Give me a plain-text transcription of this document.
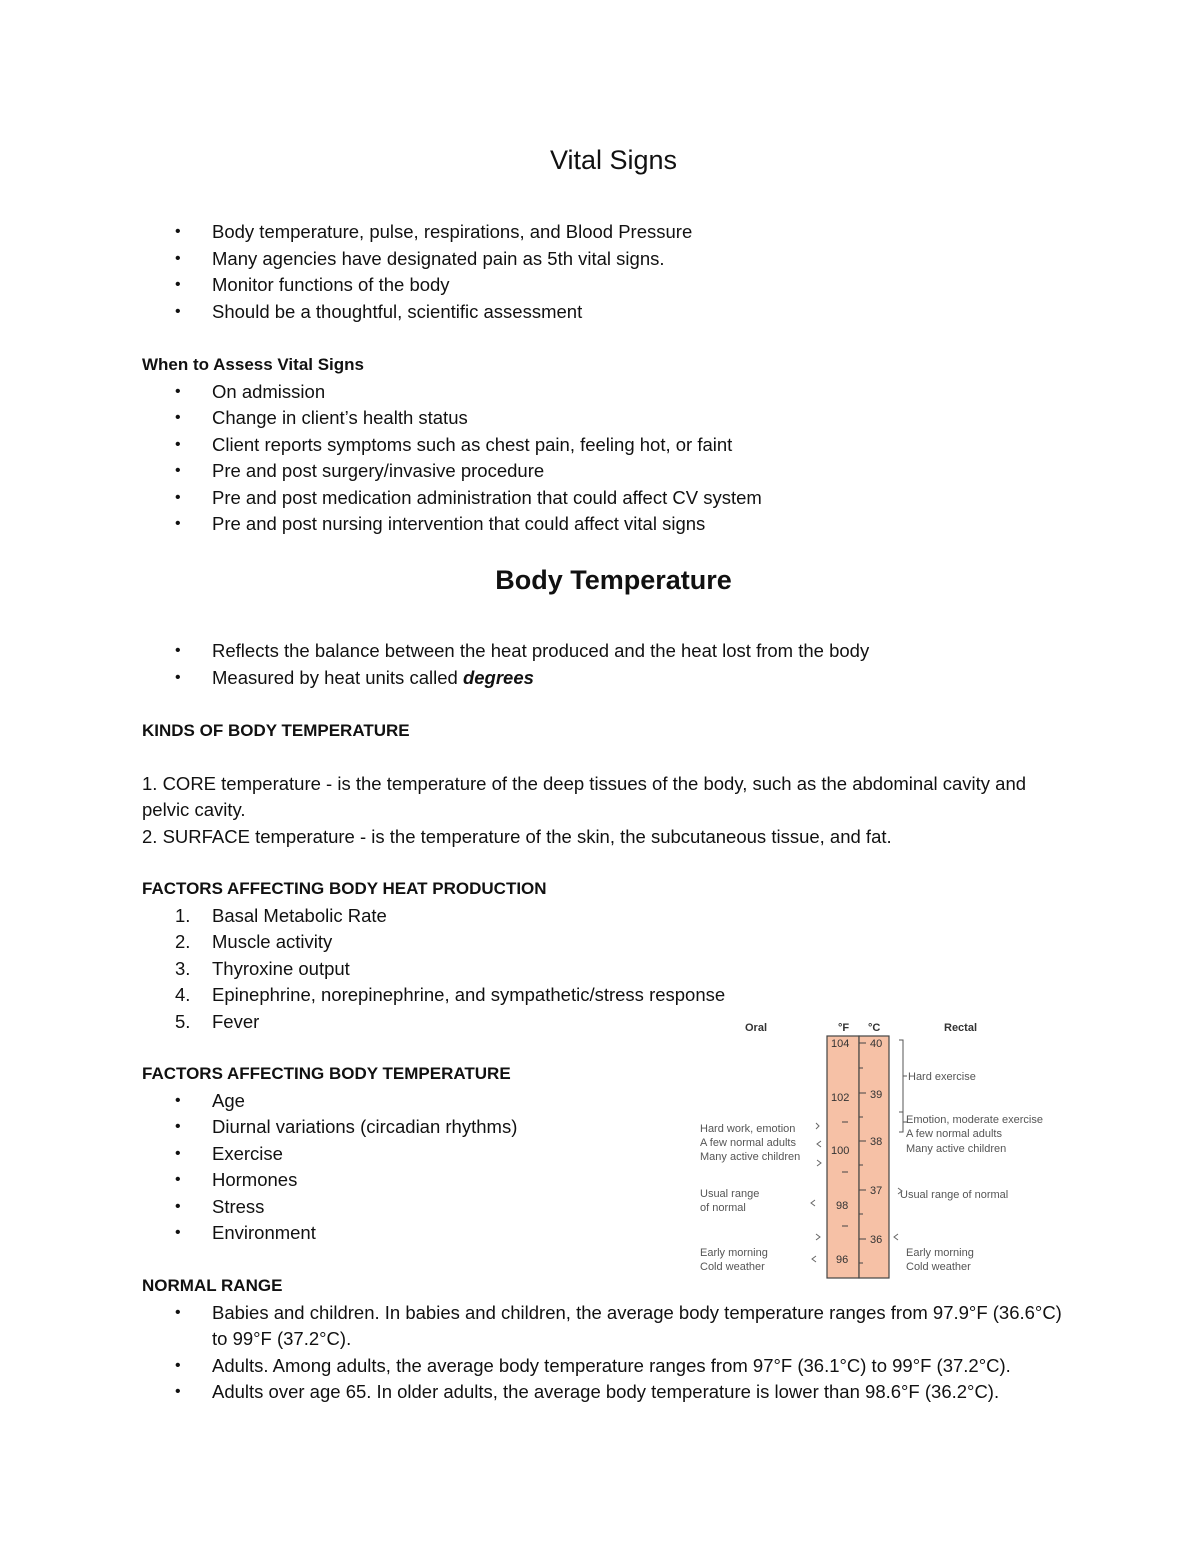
Vital Signs
• Body temperature, pulse, respirations, and Blood Pressure
• Many agencies have designated pain as 5th vital signs.
• Monitor functions of the body
• Should be a thoughtful, scientific assessment
When to Assess Vital Signs
• On admission
• Change in client’s health status
• Client reports symptoms such as chest pain, feeling hot, or faint
• Pre and post surgery/invasive procedure
• Pre and post medication administration that could affect CV system
• Pre and post nursing intervention that could affect vital signs
Body Temperature
• Reflects the balance between the heat produced and the heat lost from the body
• Measured by heat units called degrees
KINDS OF BODY TEMPERATURE

1. CORE temperature - is the temperature of the deep tissues of the body, such as the abdominal cavity and pelvic cavity.

2. SURFACE temperature - is the temperature of the skin, the subcutaneous tissue, and fat.

FACTORS AFFECTING BODY HEAT PRODUCTION
1. Basal Metabolic Rate
2. Muscle activity
3. Thyroxine output
4. Epinephrine, norepinephrine, and sympathetic/stress response
5. Fever
FACTORS AFFECTING BODY TEMPERATURE
• Age
• Diurnal variations (circadian rhythms)
• Exercise
• Hormones
• Stress
• Environment
NORMAL RANGE
• Babies and children. In babies and children, the average body temperature ranges from 97.9°F (36.6°C) to 99°F (37.2°C).
• Adults. Among adults, the average body temperature ranges from 97°F (36.1°C) to 99°F (37.2°C).
• Adults over age 65. In older adults, the average body temperature is lower than 98.6°F (36.2°C).
Oral	°F °C	Rectal
104
102
100
98
96
40
39
38
37
36
Hard exercise
Emotion, moderate exercise
A few normal adults
Many active children
Usual range of normal
Early morning
Cold weather
Hard work, emotion
A few normal adults
Many active children
Usual range
of normal
Early morning
Cold weather
